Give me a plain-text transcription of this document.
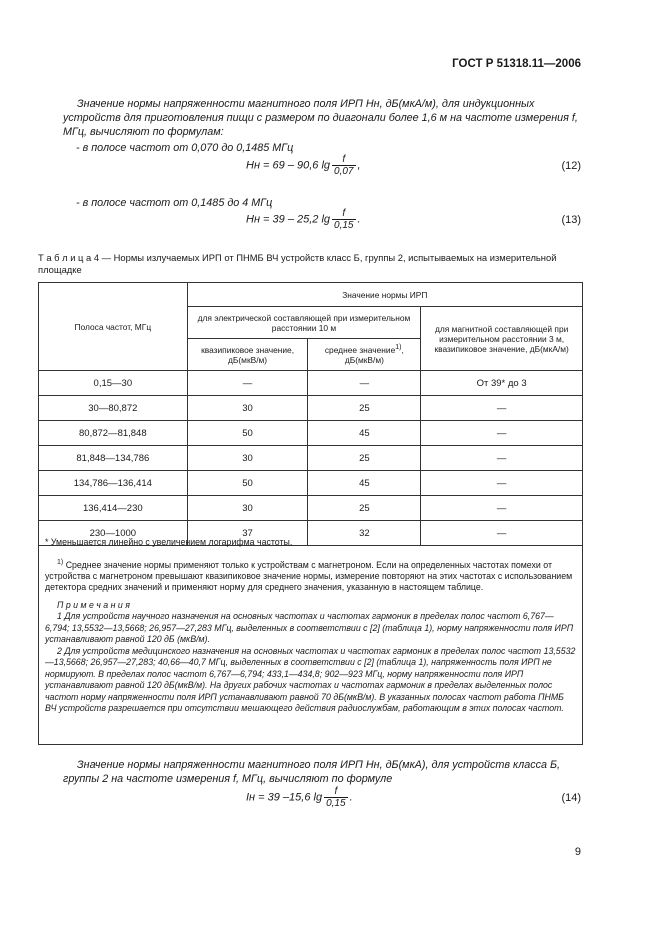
ГОСТ Р 51318.11—2006
Значение нормы напряженности магнитного поля ИРП Hн, дБ(мкА/м), для индукционных устройств для приготовления пищи с размером по диагонали более 1,6 м на частоте измерения f, МГц, вычисляют по формулам:
- в полосе частот от 0,070 до 0,1485 МГц
Hн = 69 – 90,6 $\lg \frac{f}{0,07}$ ,	(12)
- в полосе частот от 0,1485 до 4 МГц
Hн = 39 – 25,2 $\lg \frac{f}{0,15}$ .	(13)
Т а б л и ц а 4 — Нормы излучаемых ИРП от ПНМБ ВЧ устройств класс Б, группы 2, испытываемых на измерительной площадке
Полоса частот, МГц	Значение нормы ИРП		
	для электрической составляющей при измерительном расстоянии 10 м		для магнитной составляющей при измерительном расстоянии 3 м, квазипиковое значение, дБ(мкА/м)
	квазипиковое значение, дБ(мкВ/м)	среднее значение$^{1)}$, дБ(мкВ/м)	
0,15—30	—	—	От 39* до 3
30—80,872	30	25	—
80,872—81,848	50	45	—
81,848—134,786	30	25	—
134,786—136,414	50	45	—
136,414—230	30	25	—
230—1000	37	32	—
* Уменьшается линейно с увеличением логарифма частоты.
$^{1)}$ Среднее значение нормы применяют только к устройствам с магнетроном. Если на определенных частотах помехи от устройства с магнетроном превышают квазипиковое значение нормы, измерение повторяют на этих частотах с использованием детектора средних значений и применяют норму для среднего значения, указанную в настоящем таблице.
П р и м е ч а н и я
1 Для устройств научного назначения на основных частотах и частотах гармоник в пределах полос частот 6,767—6,794; 13,5532—13,5668; 26,957—27,283 МГц, выделенных в соответствии с [2] (таблица 1), норму напряженности поля ИРП устанавливают равной 120 дБ (мкВ/м).
2 Для устройств медицинского назначения на основных частотах и частотах гармоник в пределах полос частот 13,5532—13,5668; 26,957—27,283; 40,66—40,7 МГц, выделенных в соответствии с [2] (таблица 1), напряженность поля ИРП не нормируют. В пределах полос частот 6,767—6,794; 433,1—434,8; 902—923 МГц, норму напряженности поля ИРП устанавливают равной 120 дБ(мкВ/м). На других рабочих частотах и частотах гармоник в пределах выделенных полос частот норму напряженности поля ИРП устанавливают равной 70 дБ(мкВ/м). В указанных полосах частот работа ПНМБ ВЧ устройств разрешается при отсутствии мешающего действия радиослужбам, работающим в этих полосах частот.
Значение нормы напряженности магнитного поля ИРП Hн, дБ(мкА), для устройств класса Б, группы 2 на частоте измерения f, МГц, вычисляют по формуле
Iн = 39 –15,6 $\lg \frac{f}{0,15}$ .	(14)
9
